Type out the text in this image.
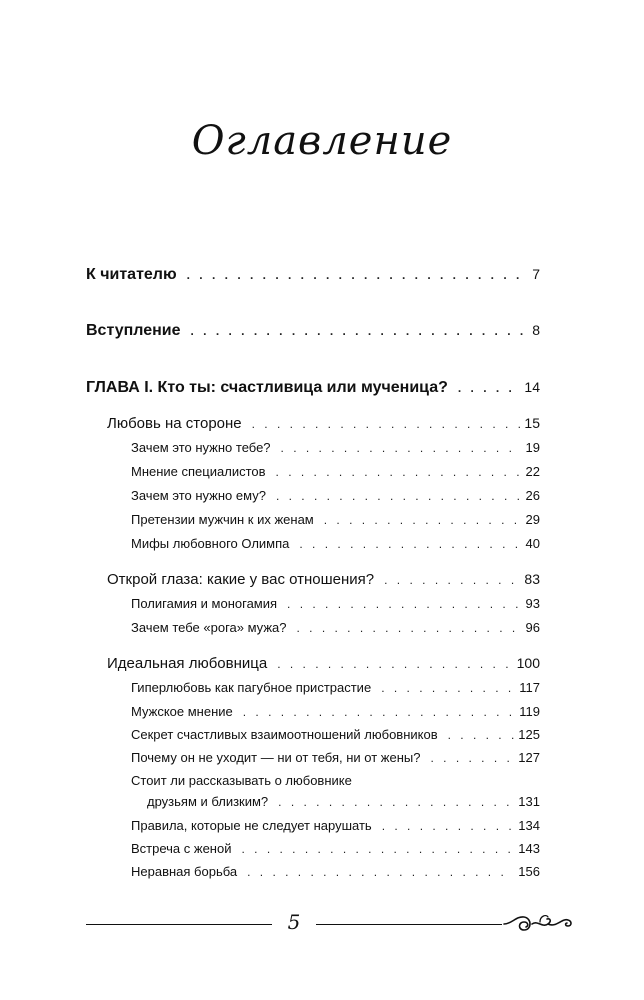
Оглавление
К читателю . . .	7
Вступление . . .	8
ГЛАВА I. Кто ты: счастливица или мученица? . . .	14
Любовь на стороне . . .	15
Зачем это нужно тебе? . . .	19
Мнение специалистов . . .	22
Зачем это нужно ему? . . .	26
Претензии мужчин к их женам . . .	29
Мифы любовного Олимпа . . .	40
Открой глаза: какие у вас отношения? . . .	83
Полигамия и моногамия . . .	93
Зачем тебе «рога» мужа? . . .	96
Идеальная любовница . . .	100
Гиперлюбовь как пагубное пристрастие . . .	117
Мужское мнение . . .	119
Секрет счастливых взаимоотношений любовников . . .	125
Почему он не уходит — ни от тебя, ни от жены? . . .	127
Стоит ли рассказывать о любовнике
друзьям и близким? . . .	131
Правила, которые не следует нарушать . . .	134
Встреча с женой . . .	143
Неравная борьба . . .	156
5
